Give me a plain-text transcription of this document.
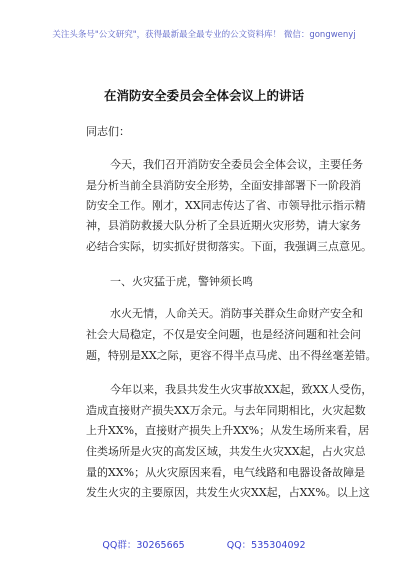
关注头条号"公文研究"，获得最新最全最专业的公文资料库！ 微信：gongwenyj
在消防安全委员会全体会议上的讲话
同志们：
今天，我们召开消防安全委员会全体会议，主要任务
是分析当前全县消防安全形势，全面安排部署下一阶段消
防安全工作。刚才，XX同志传达了省、市领导批示指示精
神，县消防救援大队分析了全县近期火灾形势，请大家务
必结合实际，切实抓好贯彻落实。下面，我强调三点意见。
一、火灾猛于虎，警钟须长鸣
水火无情，人命关天。消防事关群众生命财产安全和
社会大局稳定，不仅是安全问题，也是经济问题和社会问
题，特别是XX之际，更容不得半点马虎、出不得丝毫差错。
今年以来，我县共发生火灾事故XX起，致XX人受伤，
造成直接财产损失XX万余元。与去年同期相比，火灾起数
上升XX%，直接财产损失上升XX%；从发生场所来看，居
住类场所是火灾的高发区域，共发生火灾XX起，占火灾总
量的XX%；从火灾原因来看，电气线路和电器设备故障是
发生火灾的主要原因，共发生火灾XX起，占XX%。以上这
QQ群：30265665	QQ：535304092
